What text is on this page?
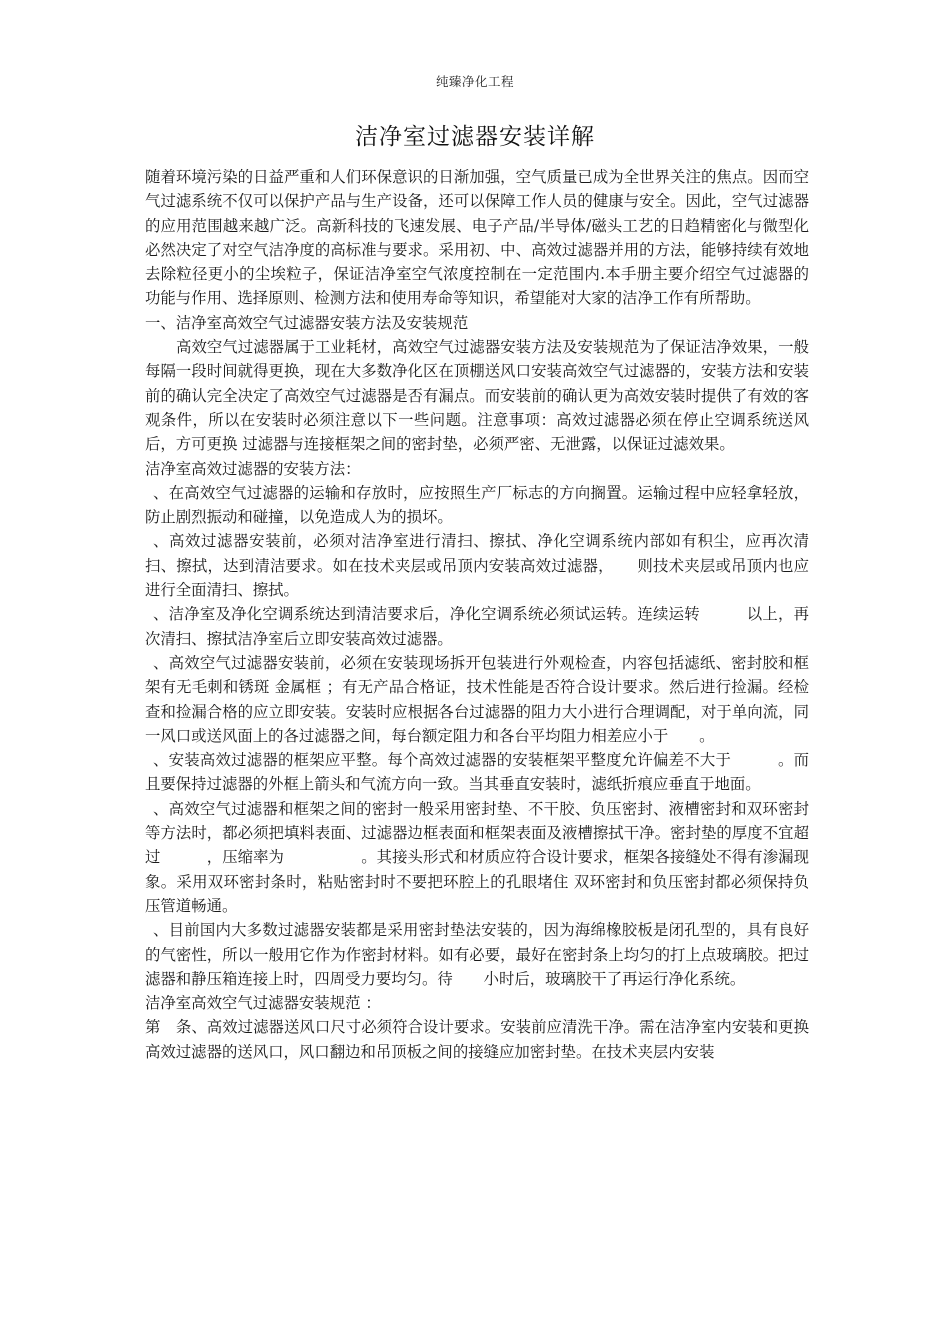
纯臻净化工程
洁净室过滤器安装详解

随着环境污染的日益严重和人们环保意识的日渐加强，空气质量已成为全世界关注的焦点。因而空气过滤系统不仅可以保护产品与生产设备，还可以保障工作人员的健康与安全。因此，空气过滤器的应用范围越来越广泛。高新科技的飞速发展、电子产品/半导体/磁头工艺的日趋精密化与微型化必然决定了对空气洁净度的高标准与要求。采用初、中、高效过滤器并用的方法，能够持续有效地去除粒径更小的尘埃粒子，保证洁净室空气浓度控制在一定范围内.本手册主要介绍空气过滤器的功能与作用、选择原则、检测方法和使用寿命等知识，希望能对大家的洁净工作有所帮助。

一、洁净室高效空气过滤器安装方法及安装规范

高效空气过滤器属于工业耗材，高效空气过滤器安装方法及安装规范为了保证洁净效果，一般每隔一段时间就得更换，现在大多数净化区在顶棚送风口安装高效空气过滤器的，安装方法和安装前的确认完全决定了高效空气过滤器是否有漏点。而安装前的确认更为高效安装时提供了有效的客观条件，所以在安装时必须注意以下一些问题。注意事项：高效过滤器必须在停止空调系统送风后，方可更换 过滤器与连接框架之间的密封垫，必须严密、无泄露，以保证过滤效果。

洁净室高效过滤器的安装方法：

、在高效空气过滤器的运输和存放时，应按照生产厂标志的方向搁置。运输过程中应轻拿轻放，防止剧烈振动和碰撞，以免造成人为的损坏。

、高效过滤器安装前，必须对洁净室进行清扫、擦拭、净化空调系统内部如有积尘，应再次清扫、擦拭，达到清洁要求。如在技术夹层或吊顶内安装高效过滤器，　　则技术夹层或吊顶内也应进行全面清扫、擦拭。

、洁净室及净化空调系统达到清洁要求后，净化空调系统必须试运转。连续运转　　　以上，再次清扫、擦拭洁净室后立即安装高效过滤器。

、高效空气过滤器安装前，必须在安装现场拆开包装进行外观检查，内容包括滤纸、密封胶和框架有无毛刺和锈斑 金属框 ；有无产品合格证，技术性能是否符合设计要求。然后进行捡漏。经检查和捡漏合格的应立即安装。安装时应根据各台过滤器的阻力大小进行合理调配，对于单向流，同一风口或送风面上的各过滤器之间，每台额定阻力和各台平均阻力相差应小于　　。

、安装高效过滤器的框架应平整。每个高效过滤器的安装框架平整度允许偏差不大于　　　。而且要保持过滤器的外框上箭头和气流方向一致。当其垂直安装时，滤纸折痕应垂直于地面。

、高效空气过滤器和框架之间的密封一般采用密封垫、不干胶、负压密封、液槽密封和双环密封等方法时，都必须把填料表面、过滤器边框表面和框架表面及液槽擦拭干净。密封垫的厚度不宜超过　　　，压缩率为　　　　　。其接头形式和材质应符合设计要求，框架各接缝处不得有渗漏现象。采用双环密封条时，粘贴密封时不要把环腔上的孔眼堵住 双环密封和负压密封都必须保持负压管道畅通。

、目前国内大多数过滤器安装都是采用密封垫法安装的，因为海绵橡胶板是闭孔型的，具有良好的气密性，所以一般用它作为作密封材料。如有必要，最好在密封条上均匀的打上点玻璃胶。把过滤器和静压箱连接上时，四周受力要均匀。待　　小时后，玻璃胶干了再运行净化系统。

洁净室高效空气过滤器安装规范 ：

第　条、高效过滤器送风口尺寸必须符合设计要求。安装前应清洗干净。需在洁净室内安装和更换高效过滤器的送风口，风口翻边和吊顶板之间的接缝应加密封垫。在技术夹层内安装
